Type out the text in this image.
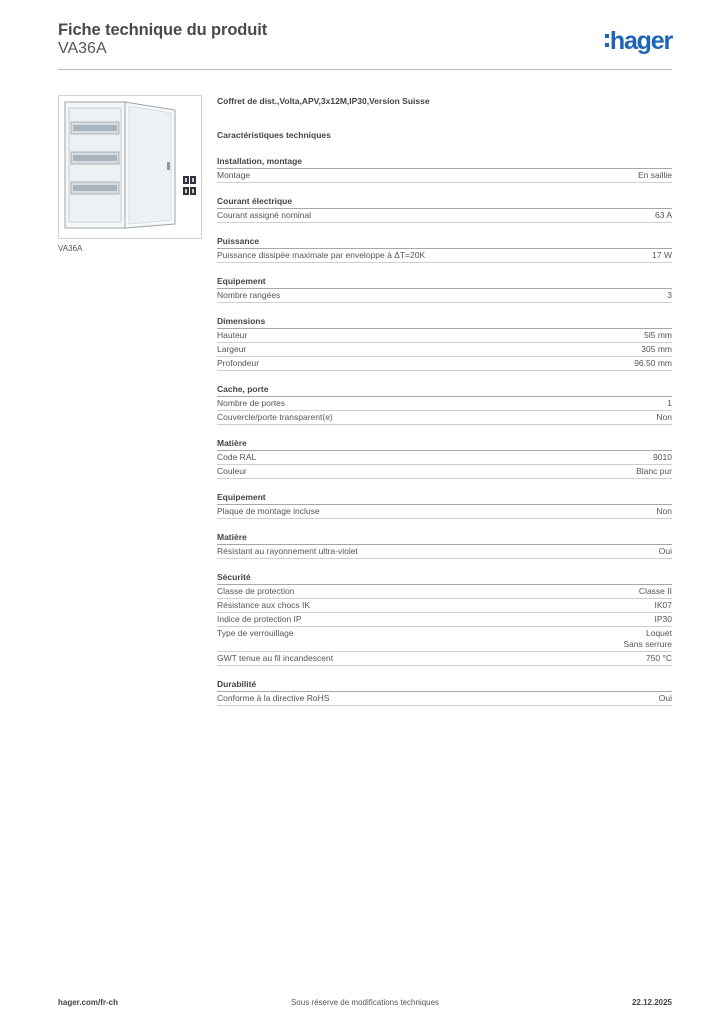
Fiche technique du produit
VA36A	hager
VA36A
Coffret de dist.,Volta,APV,3x12M,IP30,Version Suisse
Caractéristiques techniques
Installation, montage
Montage	En saillie
Courant électrique
Courant assigné nominal	63 A
Puissance
Puissance dissipée maximale par enveloppe à ΔT=20K	17 W
Equipement
Nombre rangées	3
Dimensions
Hauteur	5l5 mm
Largeur	305 mm
Profondeur	96.50 mm
Cache, porte
Nombre de portes	1
Couvercle/porte transparent(e)	Non
Matière
Code RAL	9010
Couleur	Blanc pur
Equipement
Plaque de montage incluse	Non
Matière
Résistant au rayonnement ultra-violet	Oui
Sécurité
Classe de protection	Classe II
Résistance aux chocs IK	IK07
Indice de protection IP	IP30
Type de verrouillage	Loquet
Sans serrure
GWT tenue au fil incandescent	750 °C
Durabilité
Conforme à la directive RoHS	Oui
hager.com/fr-ch	Sous réserve de modifications techniques	22.12.2025
